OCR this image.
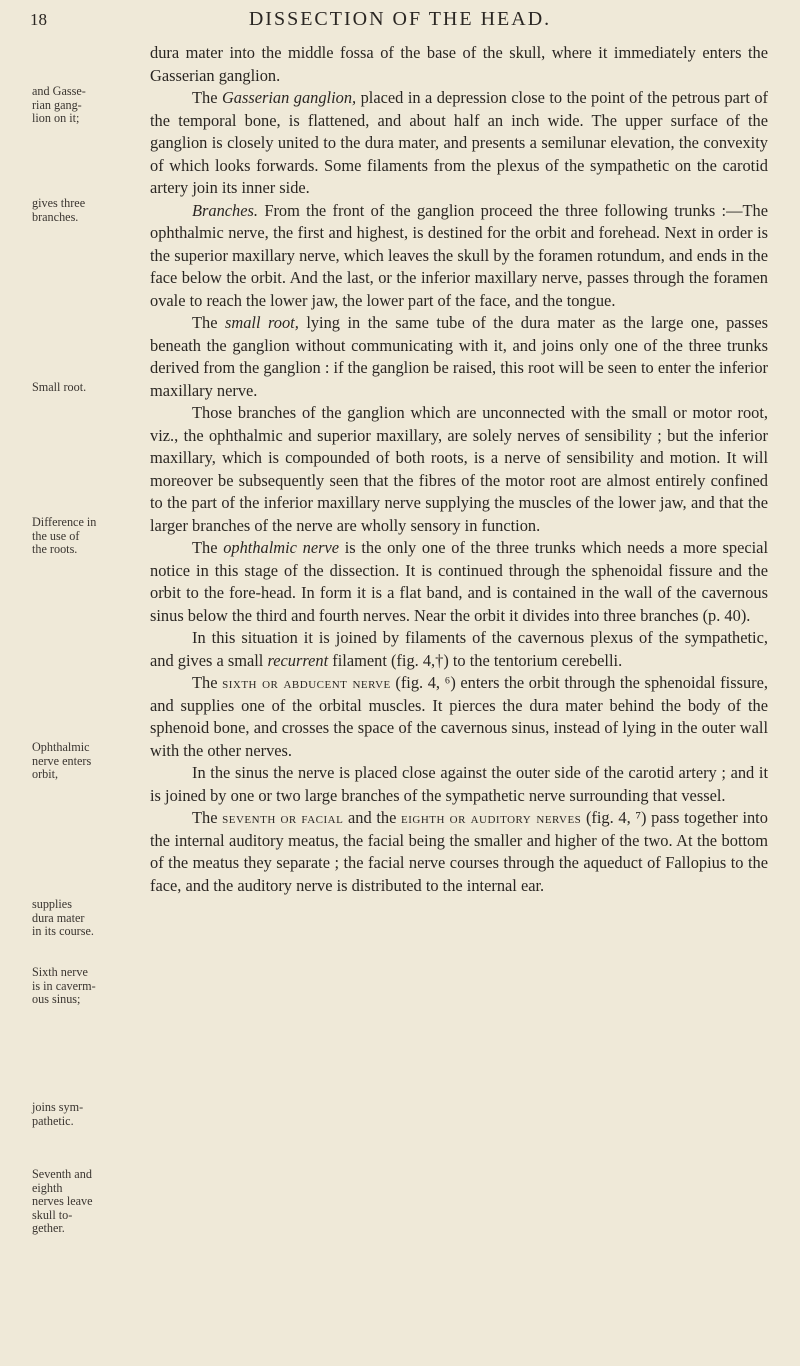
18	DISSECTION OF THE HEAD.
and Gasse-
rian gang-
lion on it;
gives three
branches.
Small root.
Difference in
the use of
the roots.
Ophthalmic
nerve enters
orbit,
supplies
dura mater
in its course.
Sixth nerve
is in caverm-
ous sinus;
joins sym-
pathetic.
Seventh and
eighth
nerves leave
skull to-
gether.

dura mater into the middle fossa of the base of the skull, where it immediately enters the Gasserian ganglion.

The Gasserian ganglion, placed in a depression close to the point of the petrous part of the temporal bone, is flattened, and about half an inch wide. The upper surface of the ganglion is closely united to the dura mater, and presents a semilunar elevation, the convexity of which looks forwards. Some filaments from the plexus of the sympathetic on the carotid artery join its inner side.

Branches. From the front of the ganglion proceed the three following trunks :—The ophthalmic nerve, the first and highest, is destined for the orbit and forehead. Next in order is the superior maxillary nerve, which leaves the skull by the foramen rotundum, and ends in the face below the orbit. And the last, or the inferior maxillary nerve, passes through the foramen ovale to reach the lower jaw, the lower part of the face, and the tongue.

The small root, lying in the same tube of the dura mater as the large one, passes beneath the ganglion without communicating with it, and joins only one of the three trunks derived from the ganglion : if the ganglion be raised, this root will be seen to enter the inferior maxillary nerve.

Those branches of the ganglion which are unconnected with the small or motor root, viz., the ophthalmic and superior maxillary, are solely nerves of sensibility ; but the inferior maxillary, which is compounded of both roots, is a nerve of sensibility and motion. It will moreover be subsequently seen that the fibres of the motor root are almost entirely confined to the part of the inferior maxillary nerve supplying the muscles of the lower jaw, and that the larger branches of the nerve are wholly sensory in function.

The ophthalmic nerve is the only one of the three trunks which needs a more special notice in this stage of the dissection. It is continued through the sphenoidal fissure and the orbit to the fore-head. In form it is a flat band, and is contained in the wall of the cavernous sinus below the third and fourth nerves. Near the orbit it divides into three branches (p. 40).

In this situation it is joined by filaments of the cavernous plexus of the sympathetic, and gives a small recurrent filament (fig. 4,†) to the tentorium cerebelli.

The sixth or abducent nerve (fig. 4, ⁶) enters the orbit through the sphenoidal fissure, and supplies one of the orbital muscles. It pierces the dura mater behind the body of the sphenoid bone, and crosses the space of the cavernous sinus, instead of lying in the outer wall with the other nerves.

In the sinus the nerve is placed close against the outer side of the carotid artery ; and it is joined by one or two large branches of the sympathetic nerve surrounding that vessel.

The seventh or facial and the eighth or auditory nerves (fig. 4, ⁷) pass together into the internal auditory meatus, the facial being the smaller and higher of the two. At the bottom of the meatus they separate ; the facial nerve courses through the aqueduct of Fallopius to the face, and the auditory nerve is distributed to the internal ear.
